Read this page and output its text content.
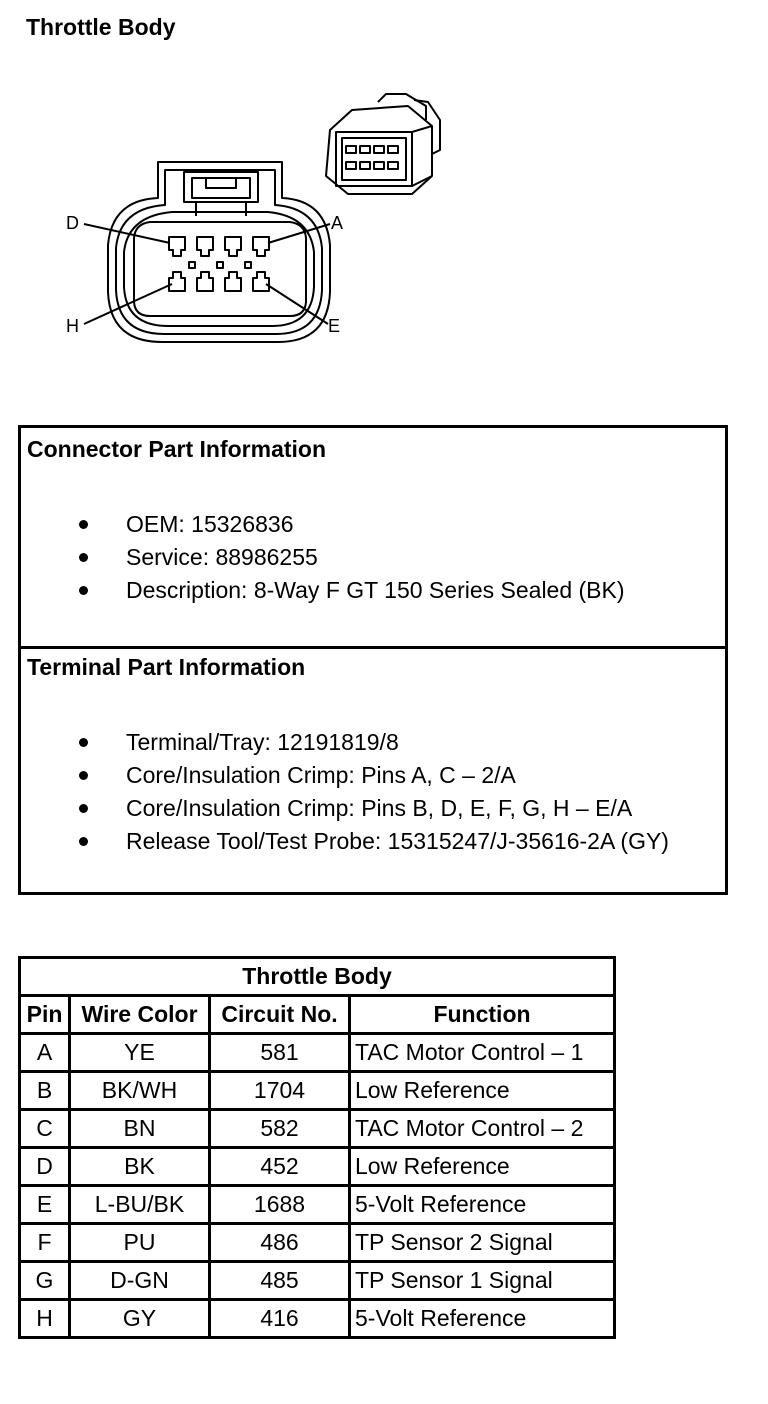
Throttle Body
D	A
H	E
Connector Part Information
OEM: 15326836
Service: 88986255
Description: 8-Way F GT 150 Series Sealed (BK)
Terminal Part Information
Terminal/Tray: 12191819/8
Core/Insulation Crimp: Pins A, C – 2/A
Core/Insulation Crimp: Pins B, D, E, F, G, H – E/A
Release Tool/Test Probe: 15315247/J-35616-2A (GY)
Throttle Body			
Pin	Wire Color	Circuit No.	Function
A	YE	581	TAC Motor Control – 1
B	BK/WH	1704	Low Reference
C	BN	582	TAC Motor Control – 2
D	BK	452	Low Reference
E	L-BU/BK	1688	5-Volt Reference
F	PU	486	TP Sensor 2 Signal
G	D-GN	485	TP Sensor 1 Signal
H	GY	416	5-Volt Reference
